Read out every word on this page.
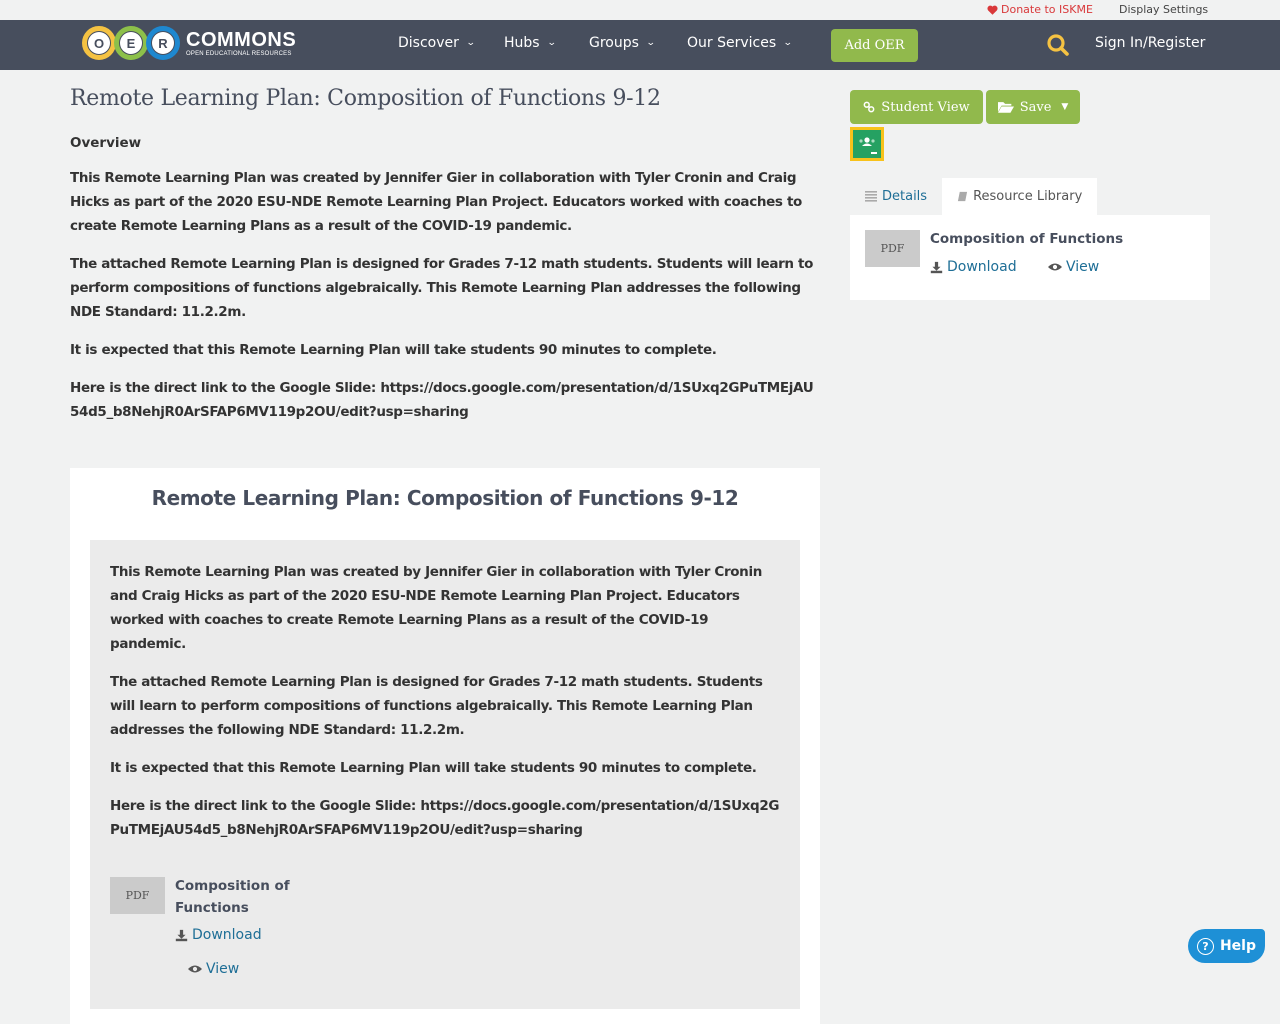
Donate to ISKME Display Settings
O	E	R COMMONS
OPEN EDUCATIONAL RESOURCES
Discover ⌄ Hubs ⌄ Groups ⌄ Our Services ⌄	Add OER	Sign In/Register
Remote Learning Plan: Composition of Functions 9-12
Overview

This Remote Learning Plan was created by Jennifer Gier in collaboration with Tyler Cronin and Craig Hicks as part of the 2020 ESU-NDE Remote Learning Plan Project. Educators worked with coaches to create Remote Learning Plans as a result of the COVID-19 pandemic.

The attached Remote Learning Plan is designed for Grades 7-12 math students. Students will learn to perform compositions of functions algebraically. This Remote Learning Plan addresses the following NDE Standard: 11.2.2m.

It is expected that this Remote Learning Plan will take students 90 minutes to complete.

Here is the direct link to the Google Slide: https://docs.google.com/presentation/d/1SUxq2GPuTMEjAU54d5_b8NehjR0ArSFAP6MV119p2OU/edit?usp=sharing

Remote Learning Plan: Composition of Functions 9-12

This Remote Learning Plan was created by Jennifer Gier in collaboration with Tyler Cronin and Craig Hicks as part of the 2020 ESU-NDE Remote Learning Plan Project. Educators worked with coaches to create Remote Learning Plans as a result of the COVID-19 pandemic.

The attached Remote Learning Plan is designed for Grades 7-12 math students. Students will learn to perform compositions of functions algebraically. This Remote Learning Plan addresses the following NDE Standard: 11.2.2m.

It is expected that this Remote Learning Plan will take students 90 minutes to complete.

Here is the direct link to the Google Slide: https://docs.google.com/presentation/d/1SUxq2GPuTMEjAU54d5_b8NehjR0ArSFAP6MV119p2OU/edit?usp=sharing

PDF
Composition of Functions
Download
View
Student View	Save ▼
Details	Resource Library
PDF
Composition of Functions
Download	View
? Help
